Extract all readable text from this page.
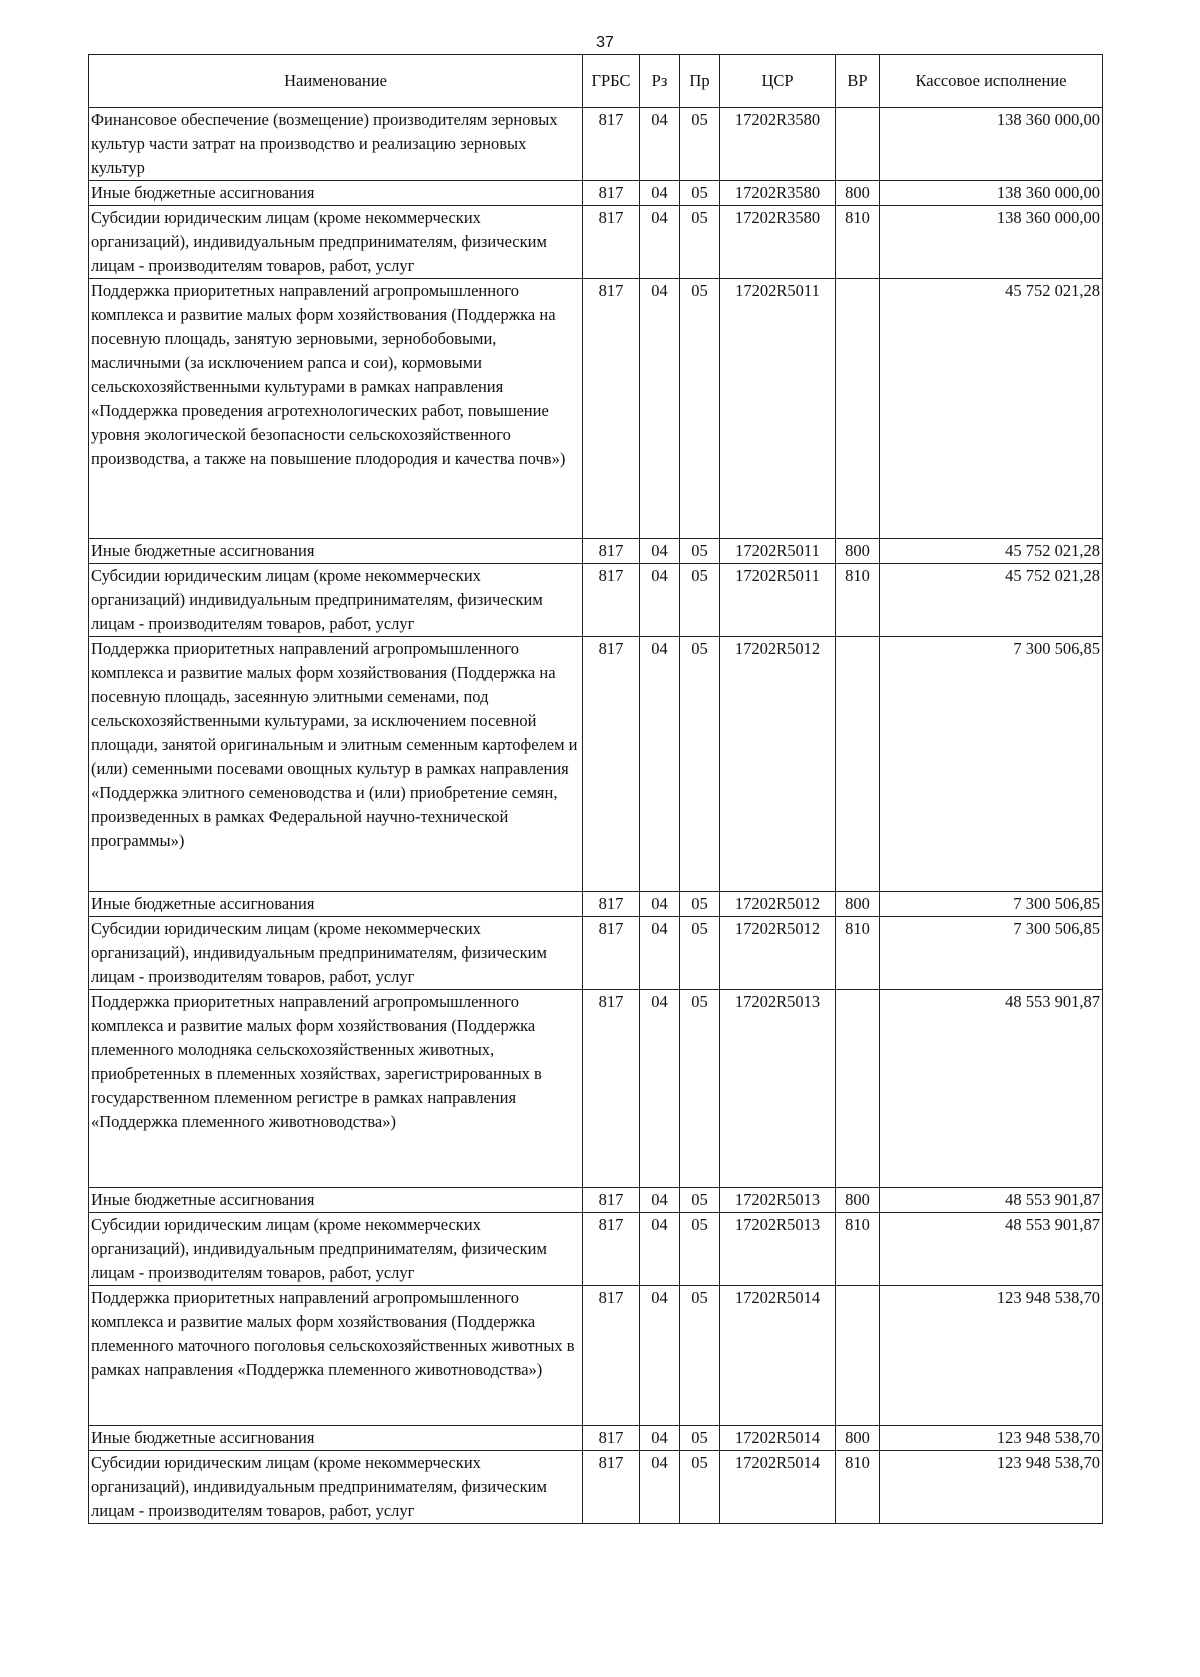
37
Наименование	ГРБС	Рз	Пр	ЦСР	ВР	Кассовое исполнение
Финансовое обеспечение (возмещение) производителям зерновых культур части затрат на производство и реализацию зерновых культур	817	04	05	17202R3580		138 360 000,00
Иные бюджетные ассигнования	817	04	05	17202R3580	800	138 360 000,00
Субсидии юридическим лицам (кроме некоммерческих организаций), индивидуальным предпринимателям, физическим лицам - производителям товаров, работ, услуг	817	04	05	17202R3580	810	138 360 000,00
Поддержка приоритетных направлений агропромышленного комплекса и развитие малых форм хозяйствования (Поддержка на посевную площадь, занятую зерновыми, зернобобовыми, масличными (за исключением рапса и сои), кормовыми сельскохозяйственными культурами в рамках направления «Поддержка проведения агротехнологических работ, повышение уровня экологической безопасности сельскохозяйственного производства, а также на повышение плодородия и качества почв»)	817	04	05	17202R5011		45 752 021,28
Иные бюджетные ассигнования	817	04	05	17202R5011	800	45 752 021,28
Субсидии юридическим лицам (кроме некоммерческих организаций) индивидуальным предпринимателям, физическим лицам - производителям товаров, работ, услуг	817	04	05	17202R5011	810	45 752 021,28
Поддержка приоритетных направлений агропромышленного комплекса и развитие малых форм хозяйствования (Поддержка на посевную площадь, засеянную элитными семенами, под сельскохозяйственными культурами, за исключением посевной площади, занятой оригинальным и элитным семенным картофелем и (или) семенными посевами овощных культур в рамках направления «Поддержка элитного семеноводства и (или) приобретение семян, произведенных в рамках Федеральной научно-технической программы»)	817	04	05	17202R5012		7 300 506,85
Иные бюджетные ассигнования	817	04	05	17202R5012	800	7 300 506,85
Субсидии юридическим лицам (кроме некоммерческих организаций), индивидуальным предпринимателям, физическим лицам - производителям товаров, работ, услуг	817	04	05	17202R5012	810	7 300 506,85
Поддержка приоритетных направлений агропромышленного комплекса и развитие малых форм хозяйствования (Поддержка племенного молодняка сельскохозяйственных животных, приобретенных в племенных хозяйствах, зарегистрированных в государственном племенном регистре в рамках направления «Поддержка племенного животноводства»)	817	04	05	17202R5013		48 553 901,87
Иные бюджетные ассигнования	817	04	05	17202R5013	800	48 553 901,87
Субсидии юридическим лицам (кроме некоммерческих организаций), индивидуальным предпринимателям, физическим лицам - производителям товаров, работ, услуг	817	04	05	17202R5013	810	48 553 901,87
Поддержка приоритетных направлений агропромышленного комплекса и развитие малых форм хозяйствования (Поддержка племенного маточного поголовья сельскохозяйственных животных в рамках направления «Поддержка племенного животноводства»)	817	04	05	17202R5014		123 948 538,70
Иные бюджетные ассигнования	817	04	05	17202R5014	800	123 948 538,70
Субсидии юридическим лицам (кроме некоммерческих организаций), индивидуальным предпринимателям, физическим лицам - производителям товаров, работ, услуг	817	04	05	17202R5014	810	123 948 538,70
